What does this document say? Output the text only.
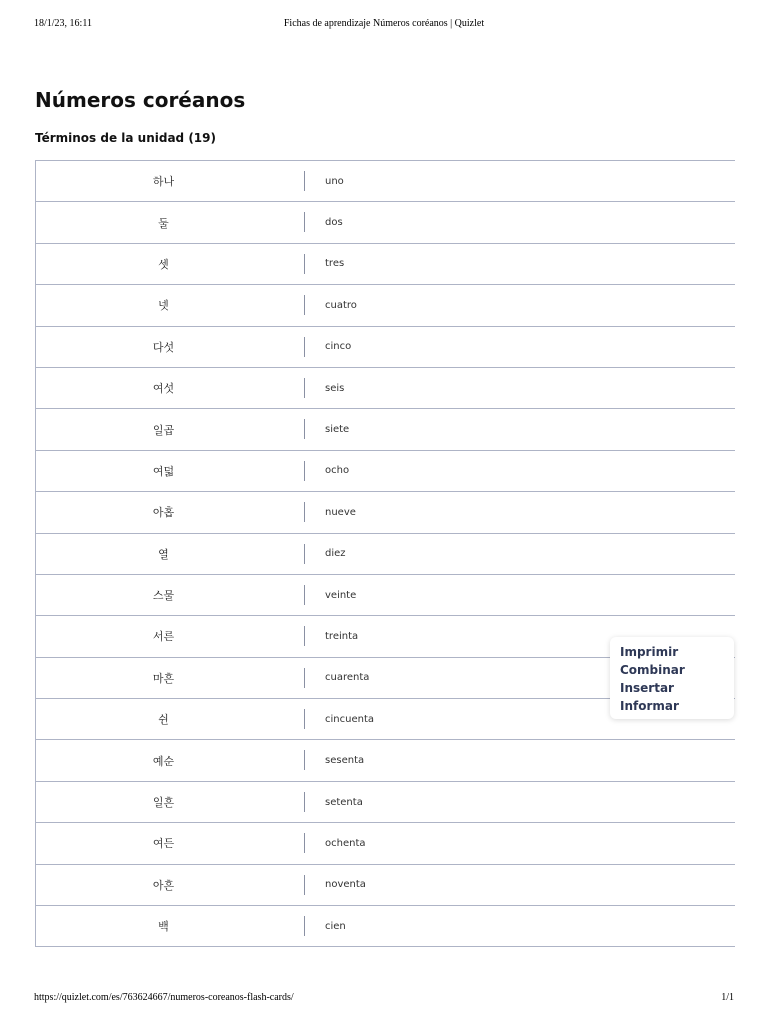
18/1/23, 16:11	Fichas de aprendizaje Números coréanos | Quizlet
Números coréanos
Términos de la unidad (19)
하나	uno
둘	dos
셋	tres
넷	cuatro
다섯	cinco
여섯	seis
일곱	siete
여덟	ocho
아홉	nueve
열	diez
스물	veinte
서른	treinta
마흔	cuarenta
쉰	cincuenta
예순	sesenta
일흔	setenta
여든	ochenta
아흔	noventa
백	cien
Imprimir
Combinar
Insertar
Informar
https://quizlet.com/es/763624667/numeros-coreanos-flash-cards/	1/1
